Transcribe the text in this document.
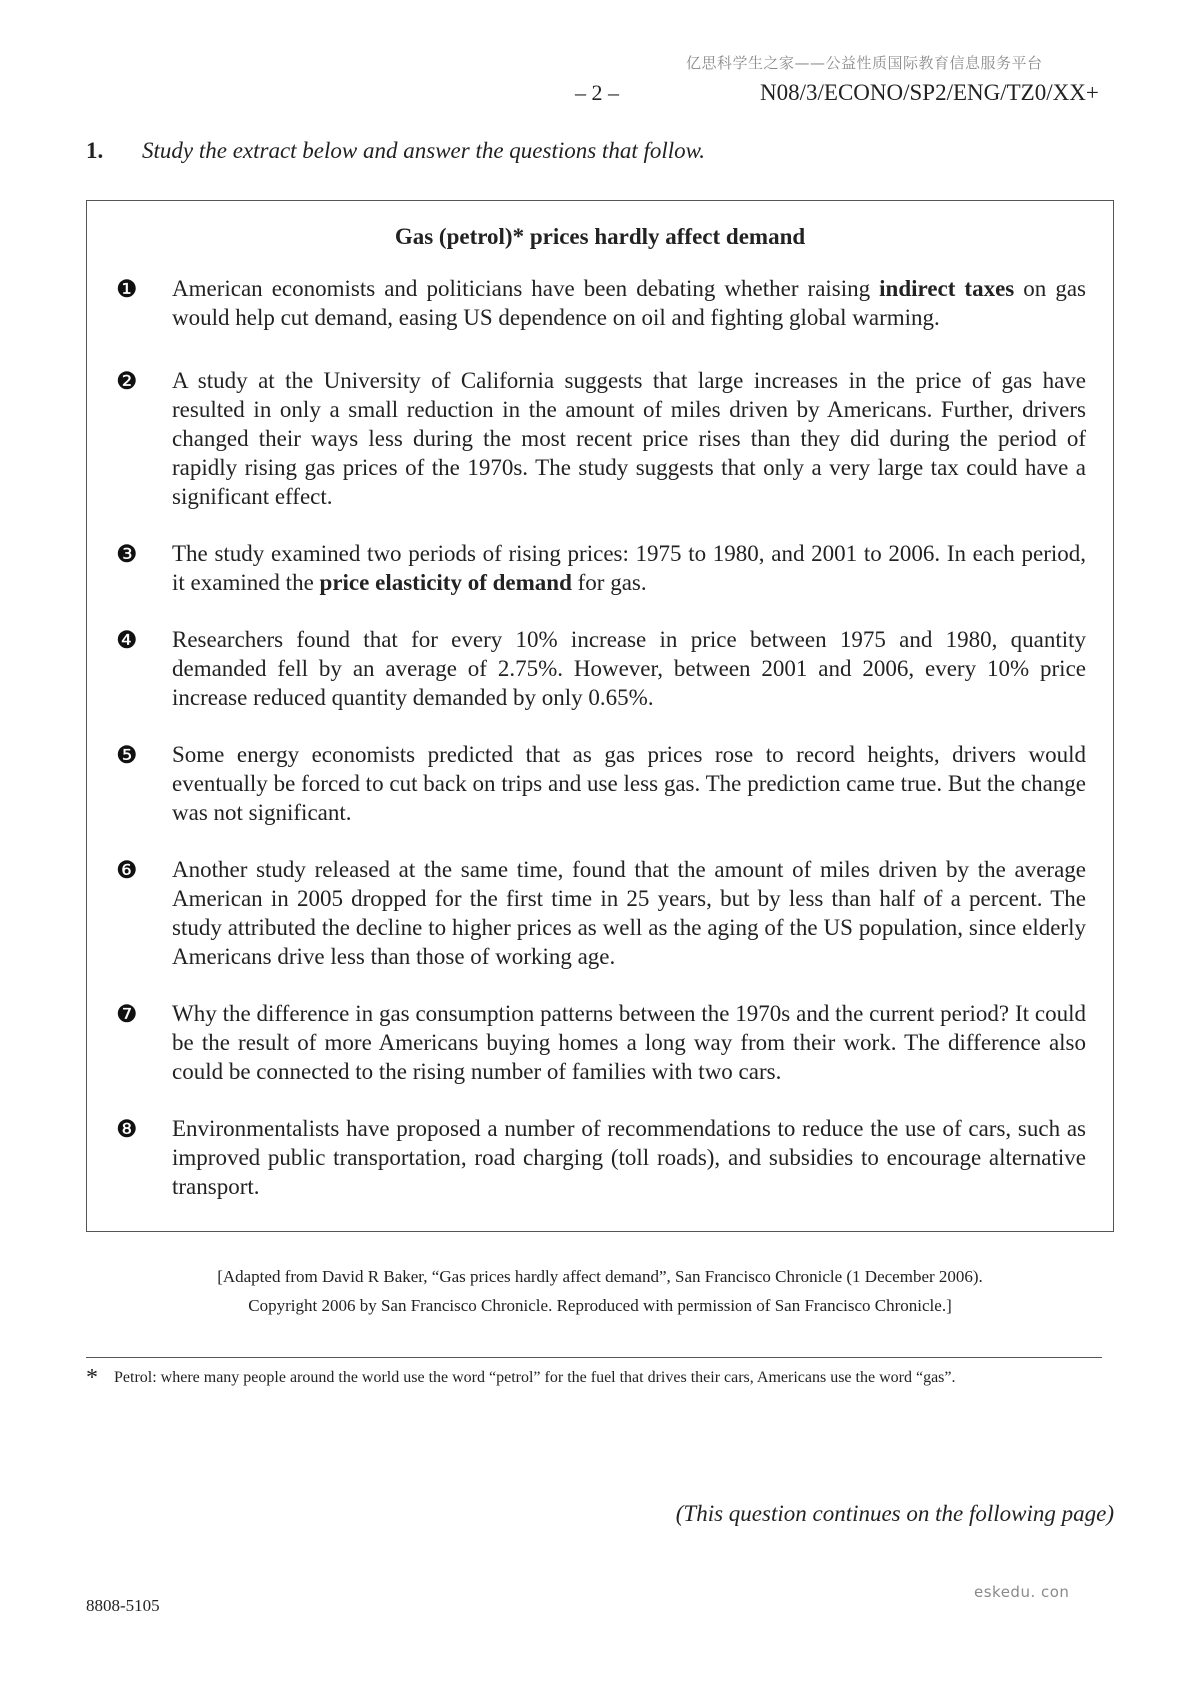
亿思科学生之家——公益性质国际教育信息服务平台
– 2 –	N08/3/ECONO/SP2/ENG/TZ0/XX+
1. Study the extract below and answer the questions that follow.
Gas (petrol)* prices hardly affect demand
❶ American economists and politicians have been debating whether raising indirect taxes on gas would help cut demand, easing US dependence on oil and fighting global warming.

❷ A study at the University of California suggests that large increases in the price of gas have resulted in only a small reduction in the amount of miles driven by Americans. Further, drivers changed their ways less during the most recent price rises than they did during the period of rapidly rising gas prices of the 1970s. The study suggests that only a very large tax could have a significant effect.

❸ The study examined two periods of rising prices: 1975 to 1980, and 2001 to 2006. In each period, it examined the price elasticity of demand for gas.

❹ Researchers found that for every 10% increase in price between 1975 and 1980, quantity demanded fell by an average of 2.75%. However, between 2001 and 2006, every 10% price increase reduced quantity demanded by only 0.65%.

❺ Some energy economists predicted that as gas prices rose to record heights, drivers would eventually be forced to cut back on trips and use less gas. The prediction came true. But the change was not significant.

❻ Another study released at the same time, found that the amount of miles driven by the average American in 2005 dropped for the first time in 25 years, but by less than half of a percent. The study attributed the decline to higher prices as well as the aging of the US population, since elderly Americans drive less than those of working age.

❼ Why the difference in gas consumption patterns between the 1970s and the current period? It could be the result of more Americans buying homes a long way from their work. The difference also could be connected to the rising number of families with two cars.

❽ Environmentalists have proposed a number of recommendations to reduce the use of cars, such as improved public transportation, road charging (toll roads), and subsidies to encourage alternative transport.

[Adapted from David R Baker, “Gas prices hardly affect demand”, San Francisco Chronicle (1 December 2006).
Copyright 2006 by San Francisco Chronicle. Reproduced with permission of San Francisco Chronicle.]
* Petrol: where many people around the world use the word “petrol” for the fuel that drives their cars, Americans use the word “gas”.
(This question continues on the following page)
eskedu. con
8808-5105
